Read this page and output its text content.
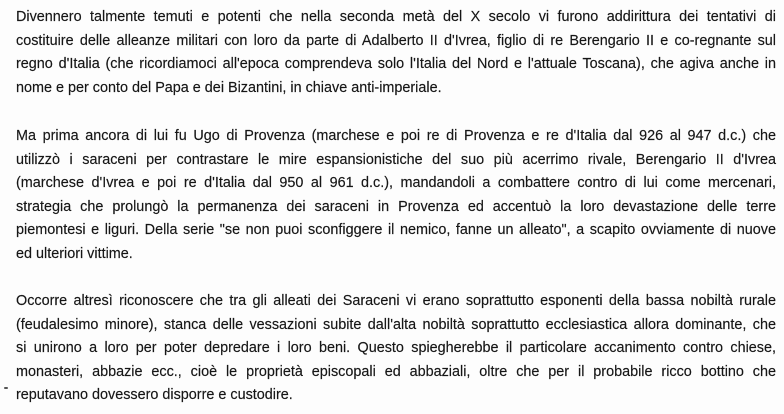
Divennero talmente temuti e potenti che nella seconda metà del X secolo vi furono addirittura dei tentativi di
costituire delle alleanze militari con loro da parte di Adalberto II d'Ivrea, figlio di re Berengario II e co-regnante sul
regno d'Italia (che ricordiamoci all'epoca comprendeva solo l'Italia del Nord e l'attuale Toscana), che agiva anche in
nome e per conto del Papa e dei Bizantini, in chiave anti-imperiale.
Ma prima ancora di lui fu Ugo di Provenza (marchese e poi re di Provenza e re d'Italia dal 926 al 947 d.c.) che
utilizzò i saraceni per contrastare le mire espansionistiche del suo più acerrimo rivale, Berengario II d'Ivrea
(marchese d'Ivrea e poi re d'Italia dal 950 al 961 d.c.), mandandoli a combattere contro di lui come mercenari,
strategia che prolungò la permanenza dei saraceni in Provenza ed accentuò la loro devastazione delle terre
piemontesi e liguri. Della serie "se non puoi sconfiggere il nemico, fanne un alleato", a scapito ovviamente di nuove
ed ulteriori vittime.
Occorre altresì riconoscere che tra gli alleati dei Saraceni vi erano soprattutto esponenti della bassa nobiltà rurale
(feudalesimo minore), stanca delle vessazioni subite dall'alta nobiltà soprattutto ecclesiastica allora dominante, che
si unirono a loro per poter depredare i loro beni. Questo spiegherebbe il particolare accanimento contro chiese,
monasteri, abbazie ecc., cioè le proprietà episcopali ed abbaziali, oltre che per il probabile ricco bottino che
reputavano dovessero disporre e custodire.
